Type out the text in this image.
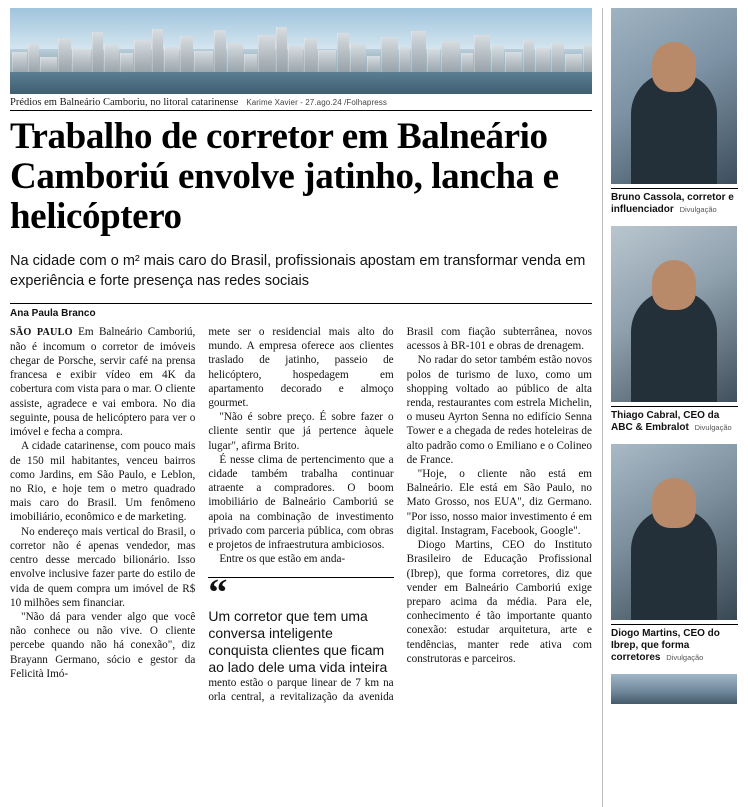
Prédios em Balneário Camboriu, no litoral catarinense Karime Xavier - 27.ago.24 /Folhapress
Trabalho de corretor em Balneário Camboriú envolve jatinho, lancha e helicóptero
Na cidade com o m² mais caro do Brasil, profissionais apostam em transformar venda em experiência e forte presença nas redes sociais
Ana Paula Branco

SÃO PAULO Em Balneário Camboriú, não é incomum o corretor de imóveis chegar de Porsche, servir café na prensa francesa e exibir vídeo em 4K da cobertura com vista para o mar. O cliente assiste, agradece e vai embora. No dia seguinte, pousa de helicóptero para ver o imóvel e fecha a compra.

A cidade catarinense, com pouco mais de 150 mil habitantes, venceu bairros como Jardins, em São Paulo, e Leblon, no Rio, e hoje tem o metro quadrado mais caro do Brasil. Um fenômeno imobiliário, econômico e de marketing.

No endereço mais vertical do Brasil, o corretor não é apenas vendedor, mas centro desse mercado bilionário. Isso envolve inclusive fazer parte do estilo de vida de quem compra um imóvel de R$ 10 milhões sem financiar.

"Não dá para vender algo que você não conhece ou não vive. O cliente percebe quando não há conexão", diz Brayann Germano, sócio e gestor da Felicità Imó-

mete ser o residencial mais alto do mundo. A empresa oferece aos clientes traslado de jatinho, passeio de helicóptero, hospedagem em apartamento decorado e almoço gourmet.

"Não é sobre preço. É sobre fazer o cliente sentir que já pertence àquele lugar", afirma Brito.

É nesse clima de pertencimento que a cidade também trabalha continuar atraente a compradores. O boom imobiliário de Balneário Camboriú se apoia na combinação de investimento privado com parceria pública, com obras e projetos de infraestrutura ambiciosos.

Entre os que estão em anda-

“
Um corretor que tem uma conversa inteligente conquista clientes que ficam ao lado dele uma vida inteira

mento estão o parque linear de 7 km na orla central, a revitalização da avenida Brasil com fiação subterrânea, novos acessos à BR-101 e obras de drenagem.

No radar do setor também estão novos polos de turismo de luxo, como um shopping voltado ao público de alta renda, restaurantes com estrela Michelin, o museu Ayrton Senna no edifício Senna Tower e a chegada de redes hoteleiras de alto padrão como o Emiliano e o Colineo de France.

"Hoje, o cliente não está em Balneário. Ele está em São Paulo, no Mato Grosso, nos EUA", diz Germano. "Por isso, nosso maior investimento é em digital. Instagram, Facebook, Google".

Diogo Martins, CEO do Instituto Brasileiro de Educação Profissional (Ibrep), que forma corretores, diz que vender em Balneário Camboriú exige preparo acima da média. Para ele, conhecimento é tão importante quanto conexão: estudar arquitetura, arte e tendências, manter rede ativa com construtoras e parceiros.

Bruno Cassola, corretor e influenciador Divulgação
Thiago Cabral, CEO da ABC & Embralot Divulgação
Diogo Martins, CEO do Ibrep, que forma corretores Divulgação
